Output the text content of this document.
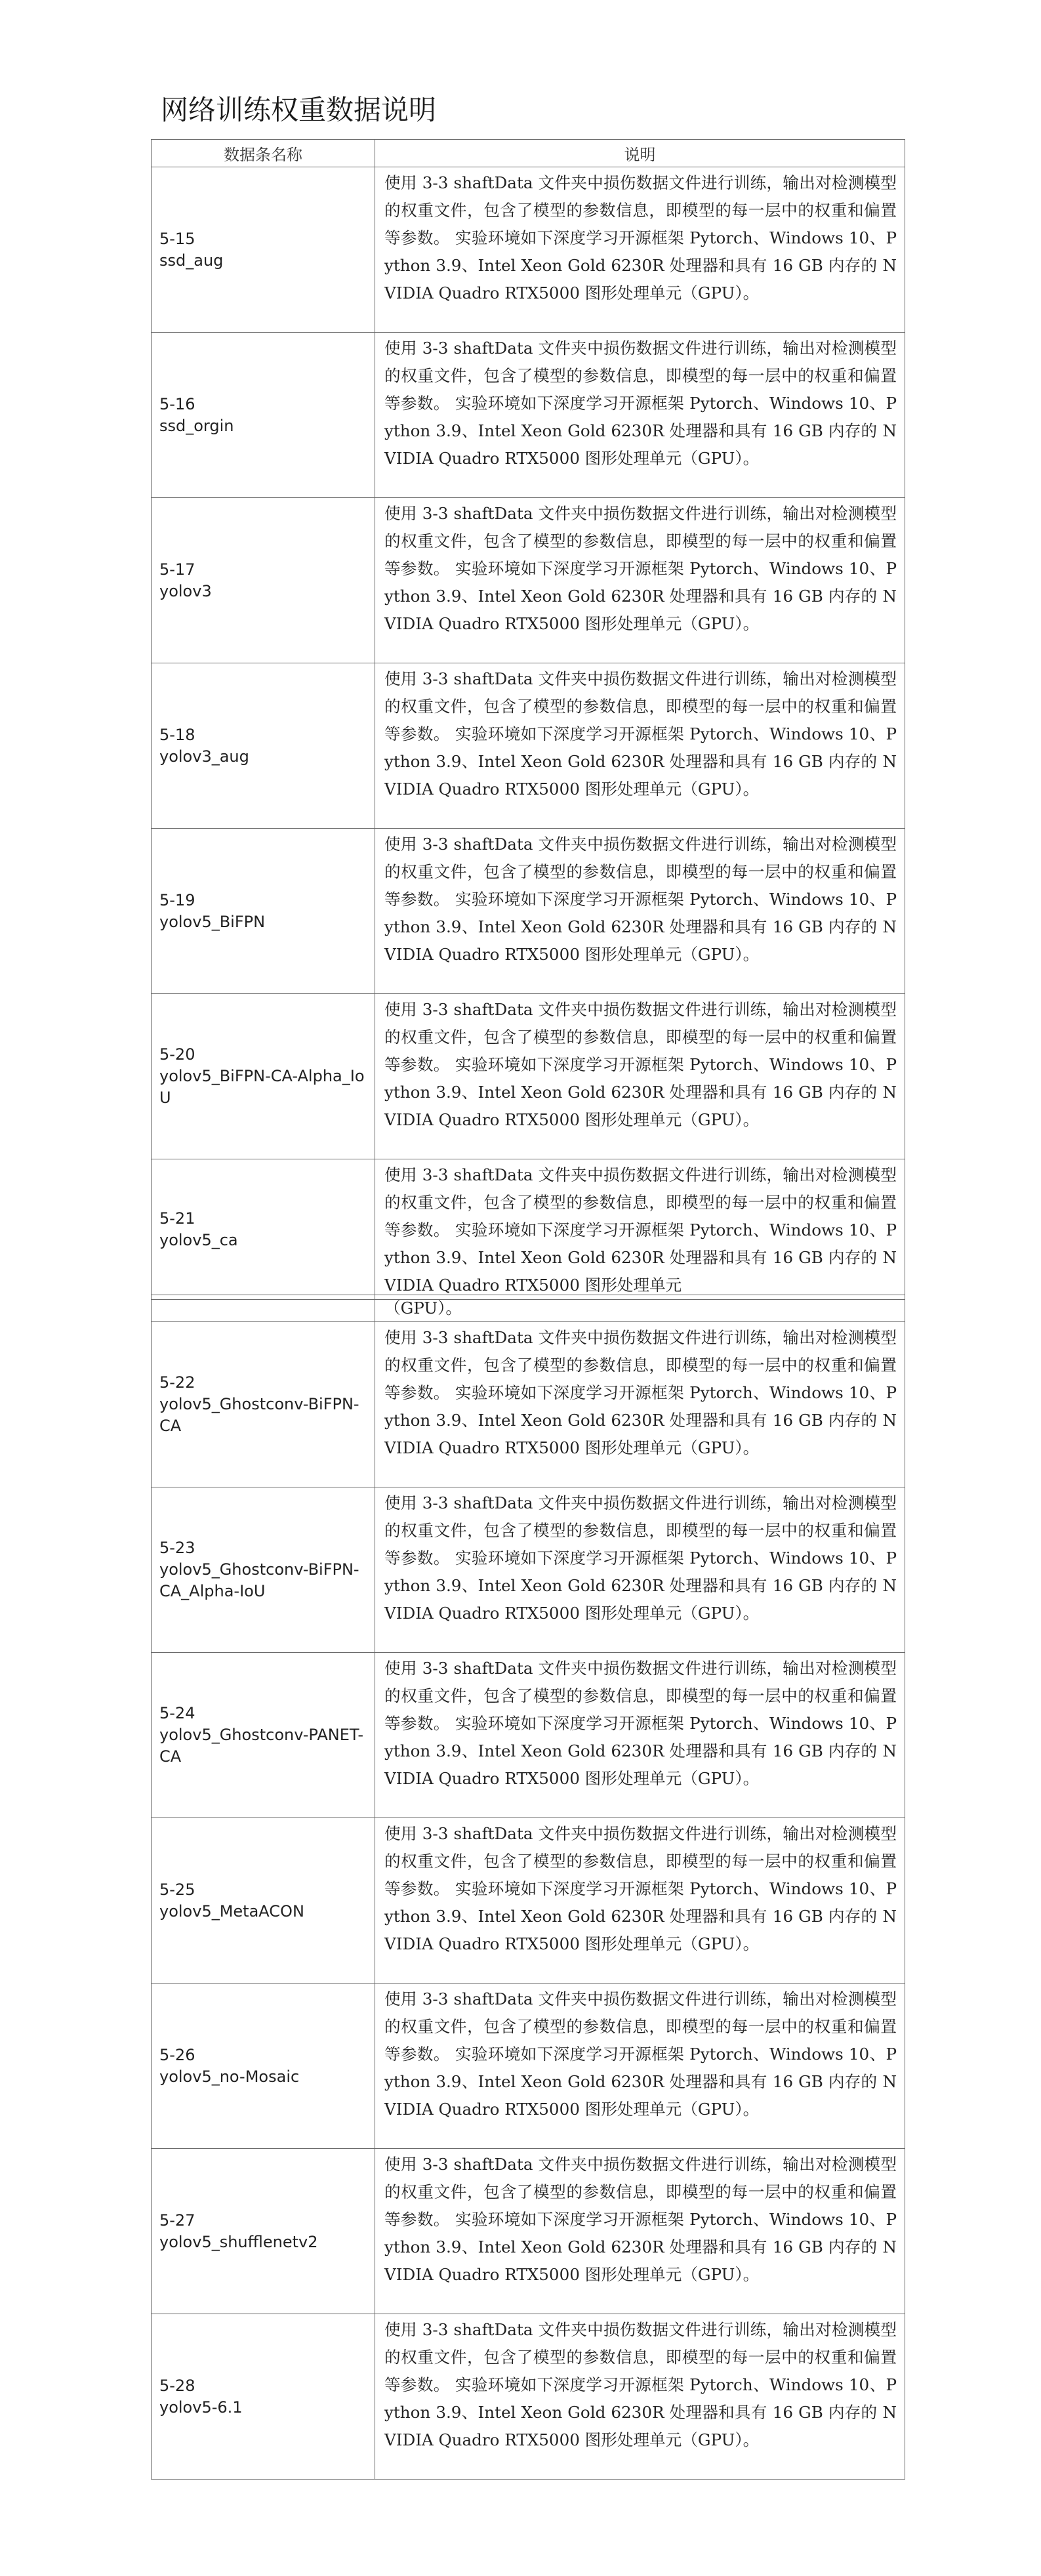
网络训练权重数据说明
数据条名称	说明

5-15
ssd_aug	使用 3-3 shaftData 文件夹中损伤数据文件进行训练，输出对检测模型的权重文件，包含了模型的参数信息，即模型的每一层中的权重和偏置等参数。 实验环境如下深度学习开源框架 Pytorch、Windows 10、Python 3.9、Intel Xeon Gold 6230R 处理器和具有 16 GB 内存的 NVIDIA Quadro RTX5000 图形处理单元（GPU）。

5-16
ssd_orgin	使用 3-3 shaftData 文件夹中损伤数据文件进行训练，输出对检测模型的权重文件，包含了模型的参数信息，即模型的每一层中的权重和偏置等参数。 实验环境如下深度学习开源框架 Pytorch、Windows 10、Python 3.9、Intel Xeon Gold 6230R 处理器和具有 16 GB 内存的 NVIDIA Quadro RTX5000 图形处理单元（GPU）。

5-17
yolov3	使用 3-3 shaftData 文件夹中损伤数据文件进行训练，输出对检测模型的权重文件，包含了模型的参数信息，即模型的每一层中的权重和偏置等参数。 实验环境如下深度学习开源框架 Pytorch、Windows 10、Python 3.9、Intel Xeon Gold 6230R 处理器和具有 16 GB 内存的 NVIDIA Quadro RTX5000 图形处理单元（GPU）。

5-18
yolov3_aug	使用 3-3 shaftData 文件夹中损伤数据文件进行训练，输出对检测模型的权重文件，包含了模型的参数信息，即模型的每一层中的权重和偏置等参数。 实验环境如下深度学习开源框架 Pytorch、Windows 10、Python 3.9、Intel Xeon Gold 6230R 处理器和具有 16 GB 内存的 NVIDIA Quadro RTX5000 图形处理单元（GPU）。

5-19
yolov5_BiFPN	使用 3-3 shaftData 文件夹中损伤数据文件进行训练，输出对检测模型的权重文件，包含了模型的参数信息，即模型的每一层中的权重和偏置等参数。 实验环境如下深度学习开源框架 Pytorch、Windows 10、Python 3.9、Intel Xeon Gold 6230R 处理器和具有 16 GB 内存的 NVIDIA Quadro RTX5000 图形处理单元（GPU）。

5-20
yolov5_BiFPN-CA-Alpha_IoU	使用 3-3 shaftData 文件夹中损伤数据文件进行训练，输出对检测模型的权重文件，包含了模型的参数信息，即模型的每一层中的权重和偏置等参数。 实验环境如下深度学习开源框架 Pytorch、Windows 10、Python 3.9、Intel Xeon Gold 6230R 处理器和具有 16 GB 内存的 NVIDIA Quadro RTX5000 图形处理单元（GPU）。

5-21
yolov5_ca	使用 3-3 shaftData 文件夹中损伤数据文件进行训练，输出对检测模型的权重文件，包含了模型的参数信息，即模型的每一层中的权重和偏置等参数。 实验环境如下深度学习开源框架 Pytorch、Windows 10、Python 3.9、Intel Xeon Gold 6230R 处理器和具有 16 GB 内存的 NVIDIA Quadro RTX5000 图形处理单元
	（GPU）。

5-22
yolov5_Ghostconv-BiFPN-CA	使用 3-3 shaftData 文件夹中损伤数据文件进行训练，输出对检测模型的权重文件，包含了模型的参数信息，即模型的每一层中的权重和偏置等参数。 实验环境如下深度学习开源框架 Pytorch、Windows 10、Python 3.9、Intel Xeon Gold 6230R 处理器和具有 16 GB 内存的 NVIDIA Quadro RTX5000 图形处理单元（GPU）。

5-23
yolov5_Ghostconv-BiFPN-CA_Alpha-IoU	使用 3-3 shaftData 文件夹中损伤数据文件进行训练，输出对检测模型的权重文件，包含了模型的参数信息，即模型的每一层中的权重和偏置等参数。 实验环境如下深度学习开源框架 Pytorch、Windows 10、Python 3.9、Intel Xeon Gold 6230R 处理器和具有 16 GB 内存的 NVIDIA Quadro RTX5000 图形处理单元（GPU）。

5-24
yolov5_Ghostconv-PANET-CA	使用 3-3 shaftData 文件夹中损伤数据文件进行训练，输出对检测模型的权重文件，包含了模型的参数信息，即模型的每一层中的权重和偏置等参数。 实验环境如下深度学习开源框架 Pytorch、Windows 10、Python 3.9、Intel Xeon Gold 6230R 处理器和具有 16 GB 内存的 NVIDIA Quadro RTX5000 图形处理单元（GPU）。

5-25
yolov5_MetaACON	使用 3-3 shaftData 文件夹中损伤数据文件进行训练，输出对检测模型的权重文件，包含了模型的参数信息，即模型的每一层中的权重和偏置等参数。 实验环境如下深度学习开源框架 Pytorch、Windows 10、Python 3.9、Intel Xeon Gold 6230R 处理器和具有 16 GB 内存的 NVIDIA Quadro RTX5000 图形处理单元（GPU）。

5-26
yolov5_no-Mosaic	使用 3-3 shaftData 文件夹中损伤数据文件进行训练，输出对检测模型的权重文件，包含了模型的参数信息，即模型的每一层中的权重和偏置等参数。 实验环境如下深度学习开源框架 Pytorch、Windows 10、Python 3.9、Intel Xeon Gold 6230R 处理器和具有 16 GB 内存的 NVIDIA Quadro RTX5000 图形处理单元（GPU）。

5-27
yolov5_shufflenetv2	使用 3-3 shaftData 文件夹中损伤数据文件进行训练，输出对检测模型的权重文件，包含了模型的参数信息，即模型的每一层中的权重和偏置等参数。 实验环境如下深度学习开源框架 Pytorch、Windows 10、Python 3.9、Intel Xeon Gold 6230R 处理器和具有 16 GB 内存的 NVIDIA Quadro RTX5000 图形处理单元（GPU）。

5-28
yolov5-6.1	使用 3-3 shaftData 文件夹中损伤数据文件进行训练，输出对检测模型的权重文件，包含了模型的参数信息，即模型的每一层中的权重和偏置等参数。 实验环境如下深度学习开源框架 Pytorch、Windows 10、Python 3.9、Intel Xeon Gold 6230R 处理器和具有 16 GB 内存的 NVIDIA Quadro RTX5000 图形处理单元（GPU）。
